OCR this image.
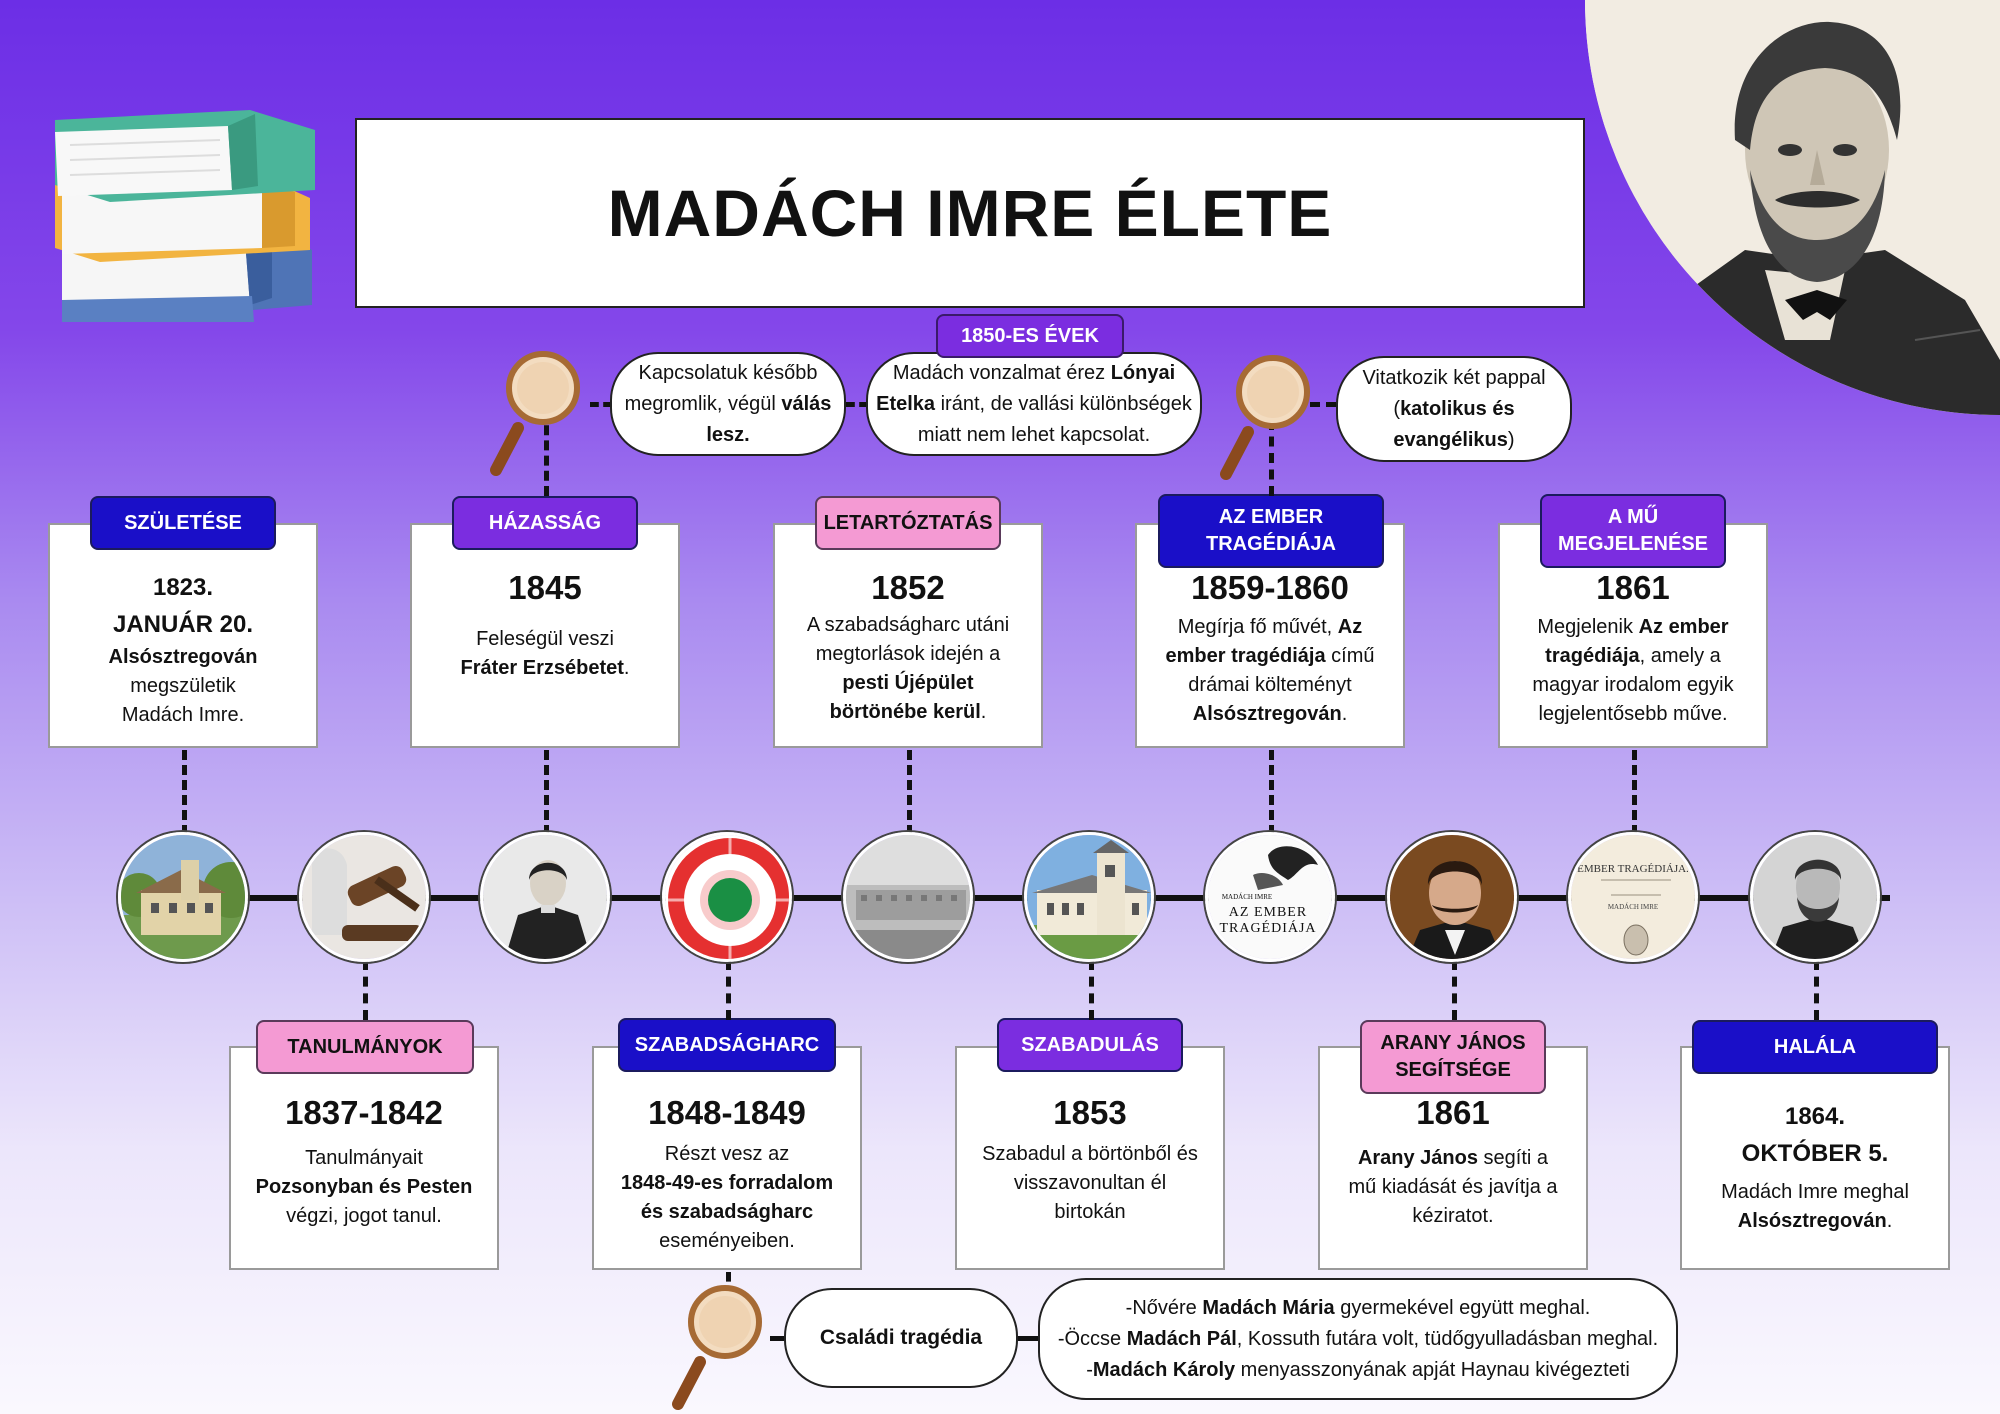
MADÁCH IMRE ÉLETE
1823.
JANUÁR 20.
Alsósztregován
megszületik
Madách Imre.
SZÜLETÉSE
1845
Feleségül veszi
Fráter Erzsébetet.
HÁZASSÁG
1852
A szabadságharc utáni
megtorlások idején a
pesti Újépület
börtönébe kerül.
LETARTÓZTATÁS
1859-1860
Megírja fő művét, Az
ember tragédiája című
drámai költeményt
Alsósztregován.
AZ EMBER TRAGÉDIÁJA
1861
Megjelenik Az ember
tragédiája, amely a
magyar irodalom egyik
legjelentősebb műve.
A MŰ MEGJELENÉSE
1837-1842
Tanulmányait
Pozsonyban és Pesten
végzi, jogot tanul.
TANULMÁNYOK
1848-1849
Részt vesz az
1848-49-es forradalom
és szabadságharc
eseményeiben.
SZABADSÁGHARC
1853
Szabadul a börtönből és
visszavonultan él
birtokán
SZABADULÁS
1861
Arany János segíti a
mű kiadását és javítja a
kéziratot.
ARANY JÁNOS SEGÍTSÉGE
1864.
OKTÓBER 5.
Madách Imre meghal
Alsósztregován.
HALÁLA
MADÁCH IMRE
AZ EMBER
TRAGÉDIÁJA
EMBER TRAGÉDIÁJA.
MADÁCH IMRE
Kapcsolatuk később
megromlik, végül válás
lesz.
Madách vonzalmat érez Lónyai
Etelka iránt, de vallási különbségek
miatt nem lehet kapcsolat.
1850-ES ÉVEK
Vitatkozik két pappal
(katolikus és
evangélikus)
Családi tragédia
-Nővére Madách Mária gyermekével együtt meghal.
-Öccse Madách Pál, Kossuth futára volt, tüdőgyulladásban meghal.
-Madách Károly menyasszonyának apját Haynau kivégezteti
